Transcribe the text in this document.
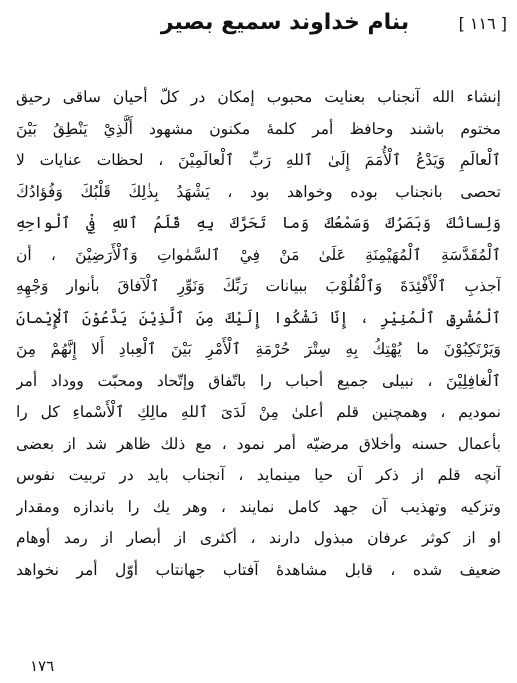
بنام خداوند سميع بصير	[ ١١٦ ]
إنشاء الله آنجناب بعنايت محبوب إمكان در كلّ أحيان ساقى رحيق
مختوم باشند وحافظ أمر كلمهٔ مكنون مشهود أَلَّذِيْ يَنْطِقُ بَيْنَ
ٱلْعالَمِ وَيَدْعُ ٱلْأُمَمَ إِلَىٰ ٱللهِ رَبِّ ٱلْعالَمِيْنَ ، لحظات عنايات لا
تحصى با‌نجناب بوده وخواهد بود ، يَشْهَدُ بِذٰلِكَ قَلْبُكَ وَفُؤادُكَ
وَلِسانُكَ وَبَصَرُكَ وَسَمْعُكَ وَما تَحَرَّكَ بِهِ قَلَمُ ٱللهِ فِيْ ٱلْواحِهِ
ٱلْمُقَدَّسَةِ ٱلْمُهَيْمِنَةِ عَلَىٰ مَنْ فِيْ ٱلسَّمٰواتِ وَٱلْأَرَضِيْنَ ، أن
آجذبِ ٱلْأَفْئِدَةَ وَٱلْقُلُوْبَ ببيانات رَبِّكَ وَنَوِّرِ ٱلْآفاقَ بأنوار وَجْهِهِ
ٱلْمُشْرِقِ ٱلْمُنِيْرِ ، إِنّا نَشْكُوا إِلَيْكَ مِنَ ٱلَّذِيْنَ يَدَّعُوْنَ ٱلْإِيْمانَ
وَيَرْتَكِبُوْنَ ما يُهْتِكُ بِهِ سِتْرَ حُرْمَةِ ٱلْأَمْرِ بَيْنَ ٱلْعِبادِ أَلا إِنَّهُمْ مِنَ
ٱلْغافِلِيْنَ ، نبيلى جميع أحباب را باتّفاق وإتّحاد ومحبّت ووداد أمر
نموديم ، وهمچنين قلم أعلىٰ مِنْ لَدَىَ ٱللهِ مالِكِ ٱلْأَسْماءِ كل را
بأعمال حسنه وأخلاق مرضيّه أمر نمود ، مع ذلك ظاهر شد از بعضى
آنچه قلم از ذكر آن حيا مينمايد ، آنجناب بايد در تربيت نفوس
وتزكيه وتهذيب آن جهد كامل نمايند ، وهر يك را باندازه ومقدار
او از كوثر عرفان مبذول دارند ، أكثرى از أبصار از رمد أوهام
ضعيف شده ، قابل مشاهدهٔ آفتاب جهانتاب أوّل أمر نخواهد
١٧٦
